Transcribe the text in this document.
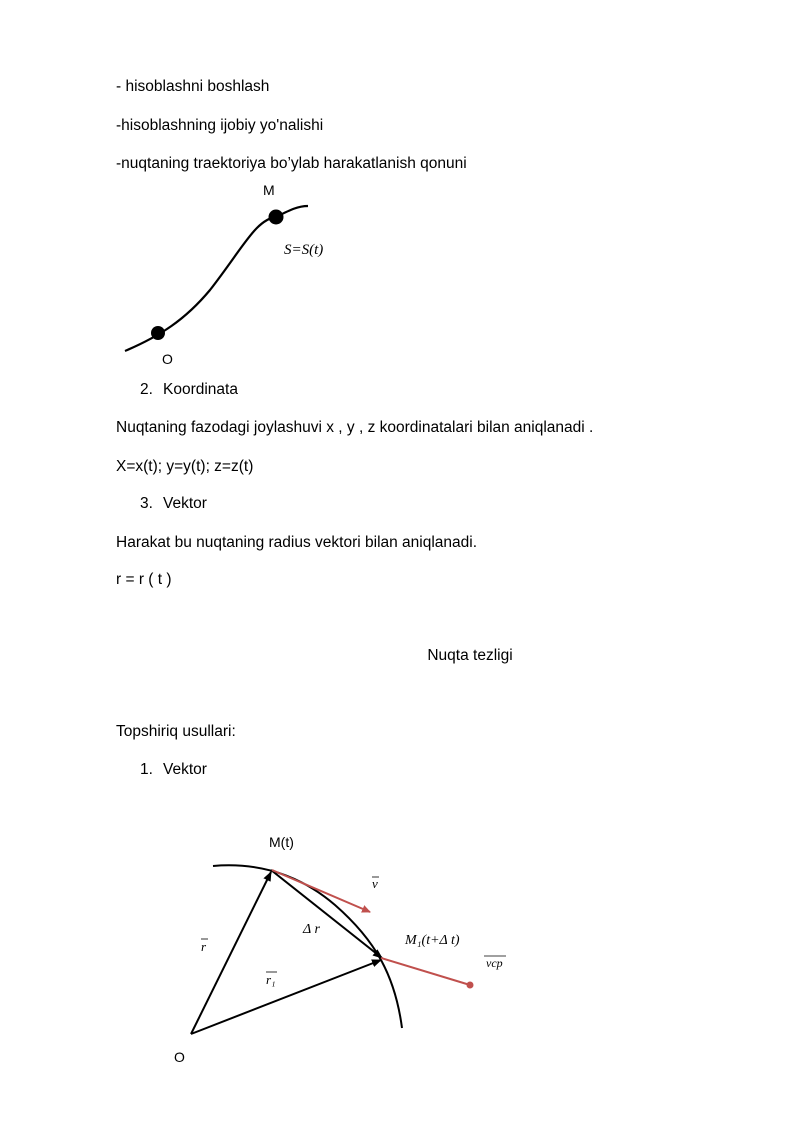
- hisoblashni boshlash
-hisoblashning ijobiy yo'nalishi
-nuqtaning traektoriya bo’ylab harakatlanish qonuni
M
O
S=S(t)
2. Koordinata
Nuqtaning fazodagi joylashuvi x , y , z koordinatalari bilan aniqlanadi .
X=x(t); y=y(t); z=z(t)
3. Vektor
Harakat bu nuqtaning radius vektori bilan aniqlanadi.
r = r ( t )
Nuqta tezligi
Topshiriq usullari:
1. Vektor
M(t)
v
Δ r
M₁(t+Δ t)
vcp
r
r₁
O
